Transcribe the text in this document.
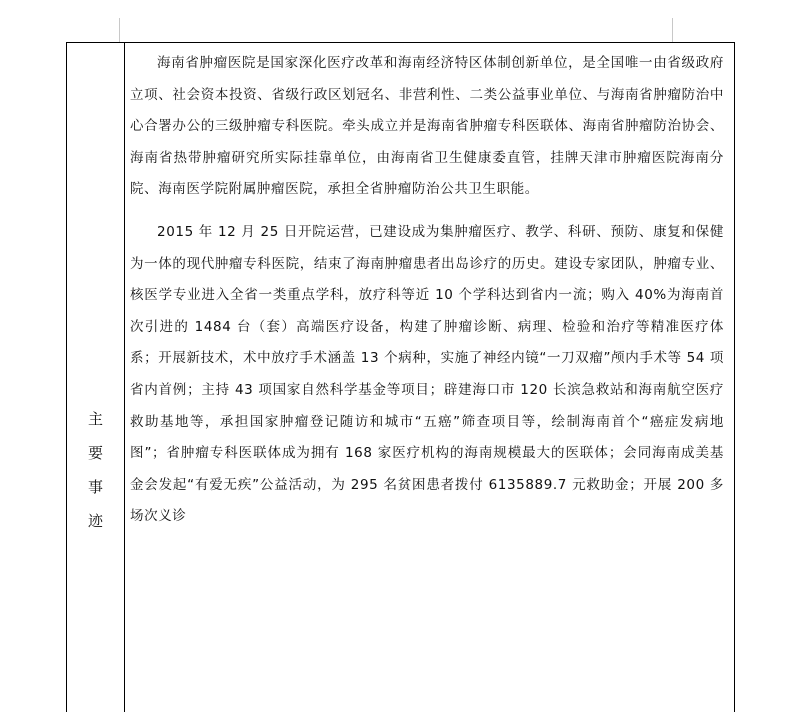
主
要
事
迹

海南省肿瘤医院是国家深化医疗改革和海南经济特区体制创新单位，是全国唯一由省级政府立项、社会资本投资、省级行政区划冠名、非营利性、二类公益事业单位、与海南省肿瘤防治中心合署办公的三级肿瘤专科医院。牵头成立并是海南省肿瘤专科医联体、海南省肿瘤防治协会、海南省热带肿瘤研究所实际挂靠单位，由海南省卫生健康委直管，挂牌天津市肿瘤医院海南分院、海南医学院附属肿瘤医院，承担全省肿瘤防治公共卫生职能。

2015 年 12 月 25 日开院运营，已建设成为集肿瘤医疗、教学、科研、预防、康复和保健为一体的现代肿瘤专科医院，结束了海南肿瘤患者出岛诊疗的历史。建设专家团队，肿瘤专业、核医学专业进入全省一类重点学科，放疗科等近 10 个学科达到省内一流；购入 40%为海南首次引进的 1484 台（套）高端医疗设备，构建了肿瘤诊断、病理、检验和治疗等精准医疗体系；开展新技术，术中放疗手术涵盖 13 个病种，实施了神经内镜“一刀双瘤”颅内手术等 54 项省内首例；主持 43 项国家自然科学基金等项目；辟建海口市 120 长滨急救站和海南航空医疗救助基地等，承担国家肿瘤登记随访和城市“五癌”筛查项目等，绘制海南首个“癌症发病地图”；省肿瘤专科医联体成为拥有 168 家医疗机构的海南规模最大的医联体；会同海南成美基金会发起“有爱无疾”公益活动，为 295 名贫困患者拨付 6135889.7 元救助金；开展 200 多场次义诊
